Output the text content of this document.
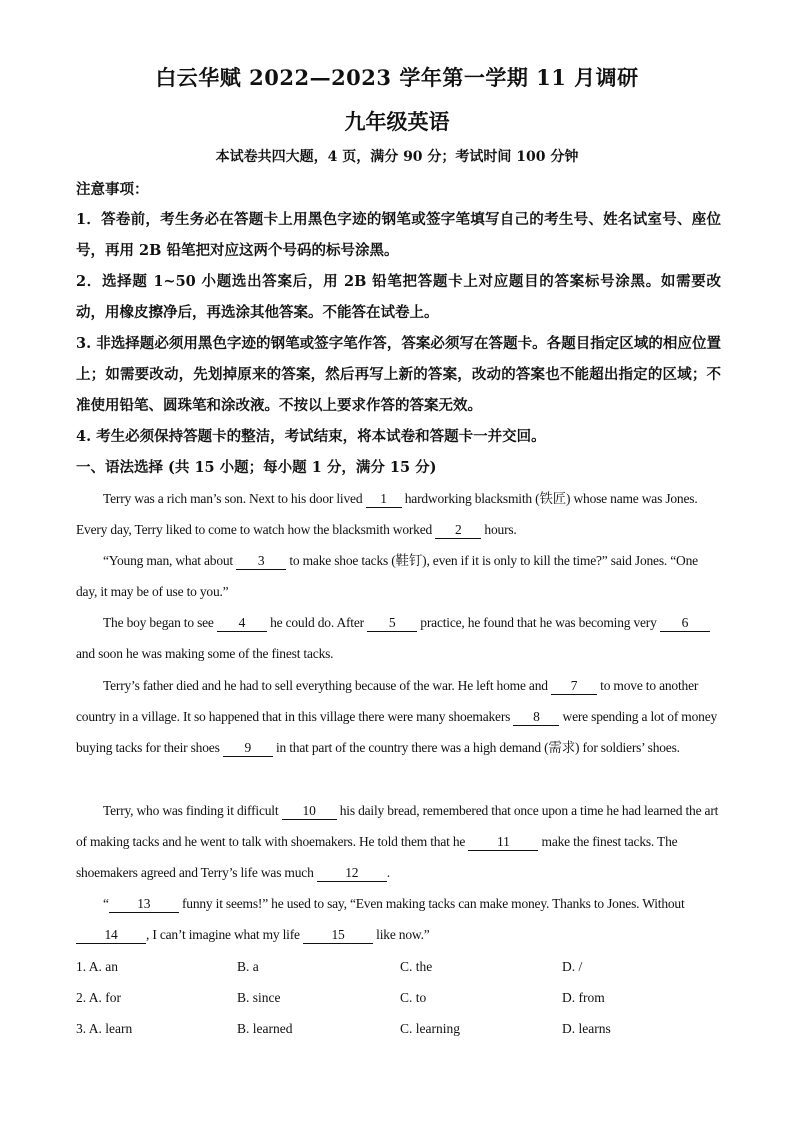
白云华赋 2022—2023 学年第一学期 11 月调研
九年级英语
本试卷共四大题，4 页，满分 90 分；考试时间 100 分钟
注意事项：
1．答卷前，考生务必在答题卡上用黑色字迹的钢笔或签字笔填写自己的考生号、姓名试室号、座位号，再用 2B 铅笔把对应这两个号码的标号涂黑。
2．选择题 1~50 小题选出答案后，用 2B 铅笔把答题卡上对应题目的答案标号涂黑。如需要改动，用橡皮擦净后，再选涂其他答案。不能答在试卷上。
3. 非选择题必须用黑色字迹的钢笔或签字笔作答，答案必须写在答题卡。各题目指定区域的相应位置上；如需要改动，先划掉原来的答案，然后再写上新的答案，改动的答案也不能超出指定的区域；不准使用铅笔、圆珠笔和涂改液。不按以上要求作答的答案无效。
4. 考生必须保持答题卡的整洁，考试结束，将本试卷和答题卡一并交回。
一、语法选择 (共 15 小题；每小题 1 分，满分 15 分)
Terry was a rich man’s son. Next to his door lived 1 hardworking blacksmith (铁匠) whose name was Jones. Every day, Terry liked to come to watch how the blacksmith worked 2 hours.
“Young man, what about 3 to make shoe tacks (鞋钉), even if it is only to kill the time?” said Jones. “One day, it may be of use to you.”
The boy began to see 4 he could do. After 5 practice, he found that he was becoming very 6 and soon he was making some of the finest tacks.
Terry’s father died and he had to sell everything because of the war. He left home and 7 to move to another country in a village. It so happened that in this village there were many shoemakers 8 were spending a lot of money buying tacks for their shoes 9 in that part of the country there was a high demand (需求) for soldiers’ shoes.
Terry, who was finding it difficult 10 his daily bread, remembered that once upon a time he had learned the art of making tacks and he went to talk with shoemakers. He told them that he 11 make the finest tacks. The shoemakers agreed and Terry’s life was much 12 .
“ 13 funny it seems!” he used to say, “Even making tacks can make money. Thanks to Jones. Without 14 , I can’t imagine what my life 15 like now.”
1. A. an	B. a	C. the	D. /
2. A. for	B. since	C. to	D. from
3. A. learn	B. learned	C. learning	D. learns
